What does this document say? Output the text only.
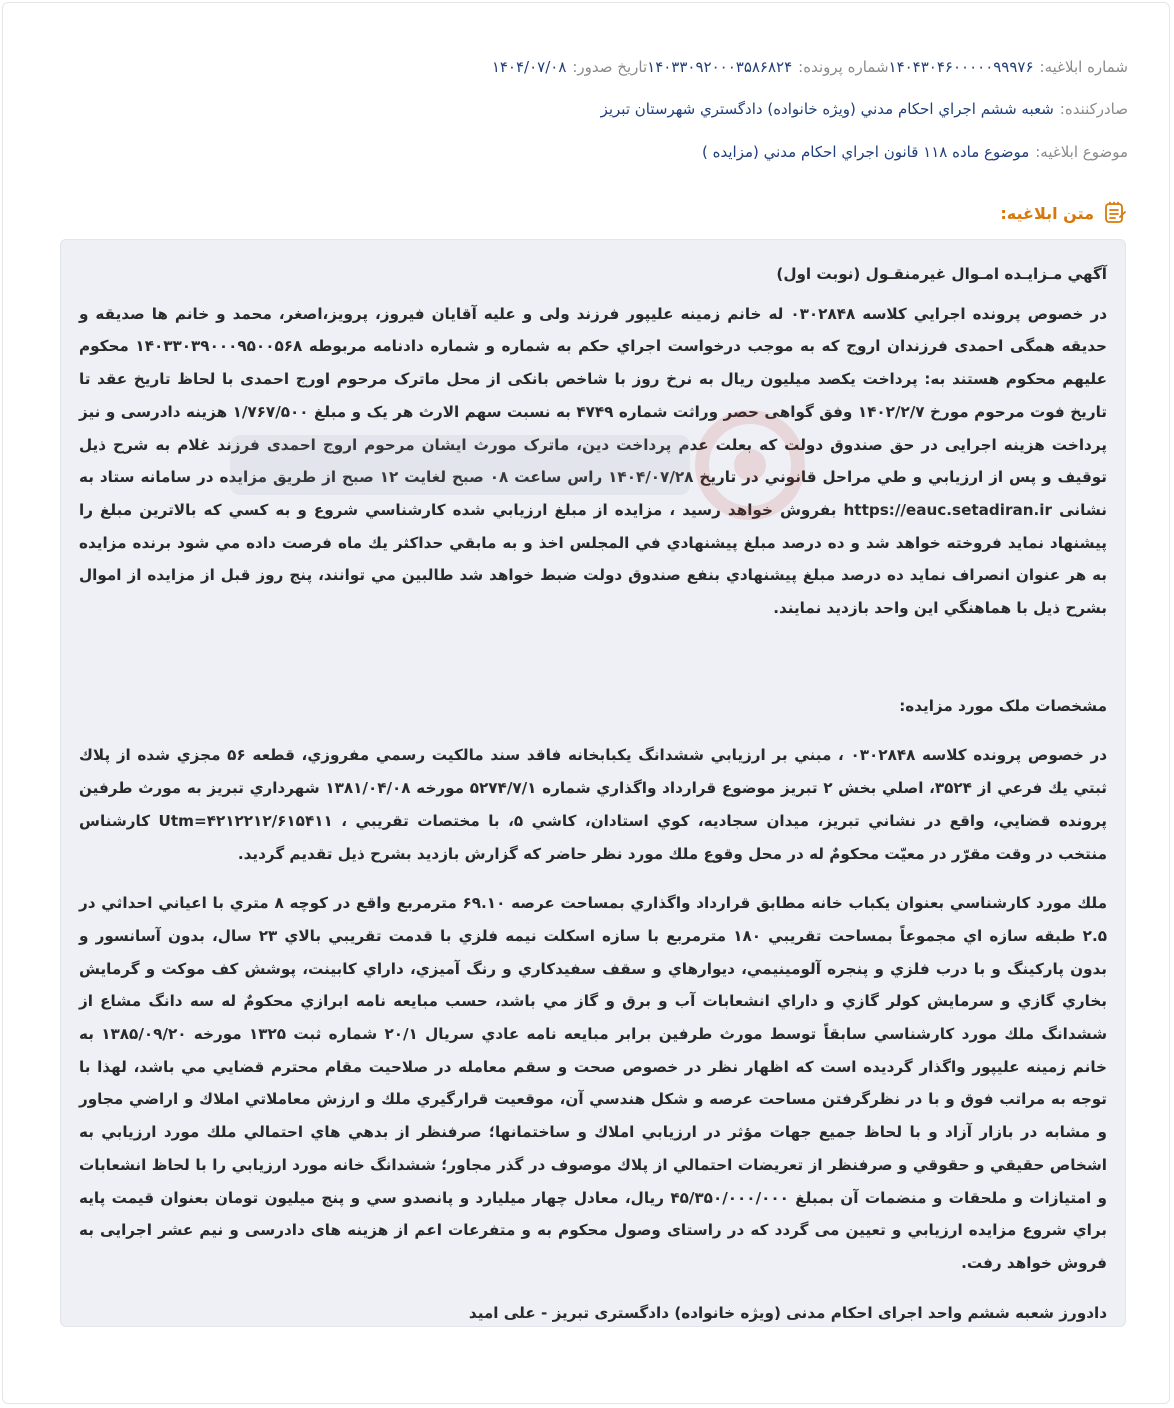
شماره ابلاغیه:
۱۴۰۴۳۰۴۶۰۰۰۰۰۹۹۹۷۶
شماره پرونده:
۱۴۰۳۳۰۹۲۰۰۰۳۵۸۶۸۲۴
تاریخ صدور:
۱۴۰۴/۰۷/۰۸
صادرکننده:
شعبه ششم اجراي احکام مدني (ويژه خانواده) دادگستري شهرستان تبريز
موضوع ابلاغیه:
موضوع ماده ۱۱۸ قانون اجراي احکام مدني (مزايده )
متن ابلاغیه:

آگهي مـزايـده امـوال غيرمنقـول (نوبت اول)

در خصوص پرونده اجرايي کلاسه ۰۳۰۲۸۴۸ له خانم زمينه عليپور فرزند ولی و عليه آقايان فيروز، پرويز،اصغر، محمد و خانم ها صديقه و حديقه همگی احمدی فرزندان اروج که به موجب درخواست اجراي حکم به شماره و شماره دادنامه مربوطه ۱۴۰۳۳۰۳۹۰۰۰۹۵۰۰۵۶۸ محکوم عليهم محکوم هستند به: پرداخت یکصد ميليون ريال به نرخ روز با شاخص بانکی از محل ماترک مرحوم اورج احمدی با لحاظ تاريخ عقد تا تاريخ فوت مرحوم مورخ ۱۴۰۲/۲/۷ وفق گواهی حصر وراثت شماره ۴۷۴۹ به نسبت سهم الارث هر يک و مبلغ ۱/۷۶۷/۵۰۰ هزينه دادرسی و نيز پرداخت هزينه اجرايی در حق صندوق دولت که بعلت عدم پرداخت دين، ماترک مورث ايشان مرحوم اروج احمدی فرزند غلام به شرح ذيل توقيف و پس از ارزيابي و طي مراحل قانوني در تاريخ ۱۴۰۴/۰۷/۲۸ راس ساعت ۰۸ صبح لغايت ۱۲ صبح از طريق مزايده در سامانه ستاد به نشانی https://eauc.setadiran.ir بفروش خواهد رسيد ، مزايده از مبلغ ارزيابي شده کارشناسي شروع و به کسي که بالاترين مبلغ را پيشنهاد نمايد فروخته خواهد شد و ده درصد مبلغ پيشنهادي في المجلس اخذ و به مابقي حداکثر يك ماه فرصت داده مي شود برنده مزايده به هر عنوان انصراف نمايد ده درصد مبلغ پيشنهادي بنفع صندوق دولت ضبط خواهد شد طالبين مي توانند، پنج روز قبل از مزايده از اموال بشرح ذيل با هماهنگي اين واحد بازديد نمايند.

مشخصات ملک مورد مزايده:

در خصوص پرونده کلاسه ۰۳۰۲۸۴۸ ، مبني بر ارزيابي ششدانگ يکبابخانه فاقد سند مالکيت رسمي مفروزي، قطعه ۵۶ مجزي شده از پلاك ثبتي يك فرعي از ۳۵۲۴، اصلي بخش ۲ تبريز موضوع قرارداد واگذاري شماره ۵۲۷۴/۷/۱ مورخه ۱۳۸۱/۰۴/۰۸ شهرداري تبريز به مورث طرفين پرونده قضايي، واقع در نشاني تبريز، ميدان سجاديه، کوي استادان، کاشي ۵، با مختصات تقريبي ، ۴۲۱۲۲۱۲/۶۱۵۴۱۱=Utm کارشناس منتخب در وقت مقرّر در معيّت محکومٌ له در محل وقوع ملك مورد نظر حاضر که گزارش بازديد بشرح ذيل تقديم گرديد.

ملك مورد کارشناسي بعنوان يکباب خانه مطابق قرارداد واگذاري بمساحت عرصه ۶۹.۱۰ مترمربع واقع در کوچه ۸ متري با اعياني احداثي در ۲.۵ طبقه سازه اي مجموعاً بمساحت تقريبي ۱۸۰ مترمربع با سازه اسکلت نيمه فلزي با قدمت تقريبي بالاي ۲۳ سال، بدون آسانسور و بدون پارکينگ و با درب فلزي و پنجره آلومينيمي، ديوارهاي و سقف سفيدکاري و رنگ آميزي، داراي کابينت، پوشش کف موکت و گرمايش بخاري گازي و سرمايش کولر گازي و داراي انشعابات آب و برق و گاز مي باشد، حسب مبايعه نامه ابرازي محکومٌ له سه دانگ مشاع از ششدانگ ملك مورد کارشناسي سابقاً توسط مورث طرفين برابر مبايعه نامه عادي سريال ۲۰/۱ شماره ثبت ۱۳۲۵ مورخه ۱۳۸۵/۰۹/۲۰ به خانم زمينه عليپور واگذار گرديده است که اظهار نظر در خصوص صحت و سقم معامله در صلاحيت مقام محترم قضايي مي باشد، لهذا با توجه به مراتب فوق و با در نظرگرفتن مساحت عرصه و شکل هندسي آن، موقعيت قرارگيري ملك و ارزش معاملاتي املاك و اراضي مجاور و مشابه در بازار آزاد و با لحاظ جميع جهات مؤثر در ارزيابي املاك و ساختمانها؛ صرفنظر از بدهي هاي احتمالي ملك مورد ارزيابي به اشخاص حقيقي و حقوقي و صرفنظر از تعريضات احتمالي از پلاك موصوف در گذر مجاور؛ ششدانگ خانه مورد ارزيابي را با لحاظ انشعابات و امتيازات و ملحقات و منضمات آن بمبلغ ۴۵/۳۵۰/۰۰۰/۰۰۰ ريال، معادل چهار ميليارد و پانصدو سي و پنج ميليون تومان بعنوان قيمت پايه براي شروع مزايده ارزيابي و تعيين می گردد که در راستای وصول محکوم به و متفرعات اعم از هزينه های دادرسی و نيم عشر اجرايی به فروش خواهد رفت.

دادورز شعبه ششم واحد اجرای احکام مدنی (ویژه خانواده) دادگستری تبریز - علی امید
